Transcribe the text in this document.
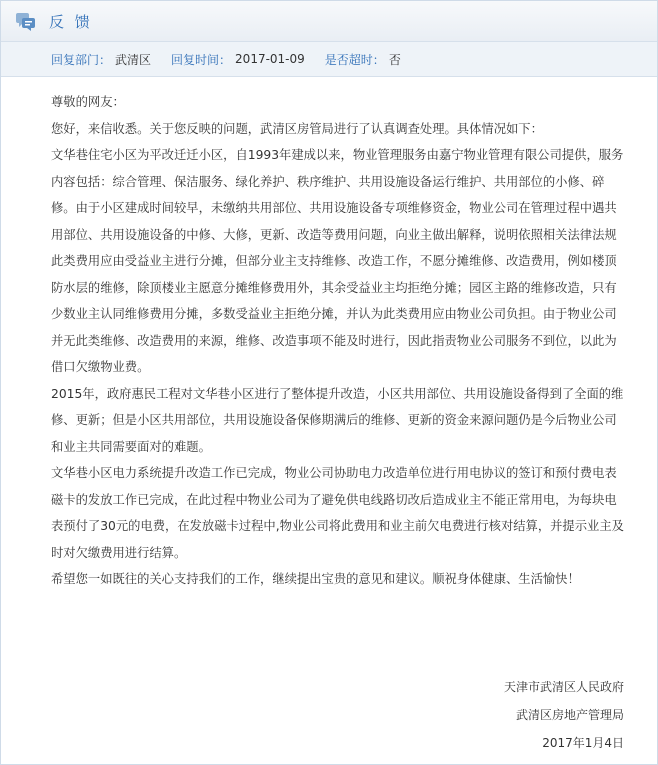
反 馈
回复部门： 武清区 回复时间： 2017-01-09 是否超时： 否

尊敬的网友：

您好，来信收悉。关于您反映的问题，武清区房管局进行了认真调查处理。具体情况如下：

文华巷住宅小区为平改迁迁小区，自1993年建成以来，物业管理服务由嘉宁物业管理有限公司提供，服务内容包括：综合管理、保洁服务、绿化养护、秩序维护、共用设施设备运行维护、共用部位的小修、碎修。由于小区建成时间较早，未缴纳共用部位、共用设施设备专项维修资金，物业公司在管理过程中遇共用部位、共用设施设备的中修、大修，更新、改造等费用问题，向业主做出解释，说明依照相关法律法规此类费用应由受益业主进行分摊，但部分业主支持维修、改造工作，不愿分摊维修、改造费用，例如楼顶防水层的维修，除顶楼业主愿意分摊维修费用外，其余受益业主均拒绝分摊；园区主路的维修改造，只有少数业主认同维修费用分摊，多数受益业主拒绝分摊，并认为此类费用应由物业公司负担。由于物业公司并无此类维修、改造费用的来源，维修、改造事项不能及时进行，因此指责物业公司服务不到位，以此为借口欠缴物业费。

2015年，政府惠民工程对文华巷小区进行了整体提升改造，小区共用部位、共用设施设备得到了全面的维修、更新；但是小区共用部位，共用设施设备保修期满后的维修、更新的资金来源问题仍是今后物业公司和业主共同需要面对的难题。

文华巷小区电力系统提升改造工作已完成，物业公司协助电力改造单位进行用电协议的签订和预付费电表磁卡的发放工作已完成，在此过程中物业公司为了避免供电线路切改后造成业主不能正常用电，为每块电表预付了30元的电费，在发放磁卡过程中,物业公司将此费用和业主前欠电费进行核对结算，并提示业主及时对欠缴费用进行结算。

希望您一如既往的关心支持我们的工作，继续提出宝贵的意见和建议。顺祝身体健康、生活愉快！

天津市武清区人民政府
武清区房地产管理局
2017年1月4日
